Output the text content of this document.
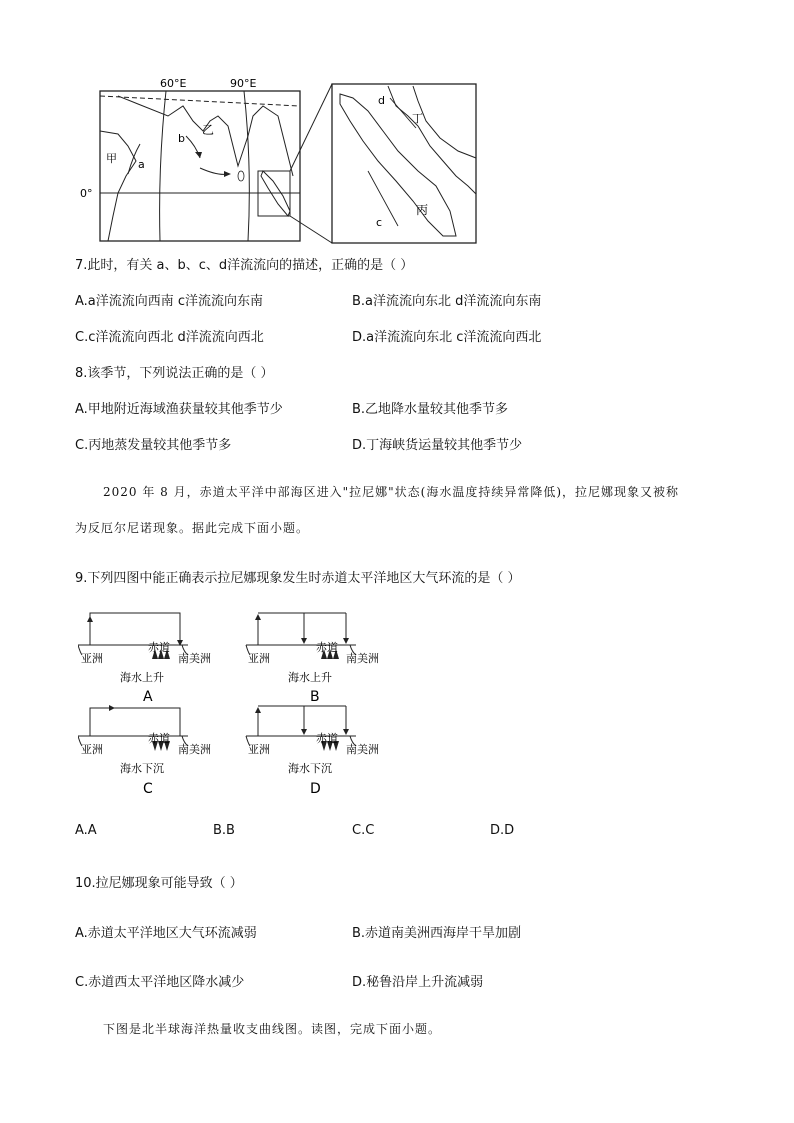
60°E	90°E
0°
甲 a
b
乙
d
丁
c
丙
7.此时，有关 a、b、c、d洋流流向的描述，正确的是（ ）
A.a洋流流向西南 c洋流流向东南	B.a洋流流向东北 d洋流流向东南
C.c洋流流向西北 d洋流流向西北	D.a洋流流向东北 c洋流流向西北
8.该季节，下列说法正确的是（ ）
A.甲地附近海域渔获量较其他季节少	B.乙地降水量较其他季节多
C.丙地蒸发量较其他季节多	D.丁海峡货运量较其他季节少
2020 年 8 月，赤道太平洋中部海区进入"拉尼娜"状态(海水温度持续异常降低)，拉尼娜现象又被称
为反厄尔尼诺现象。据此完成下面小题。
9.下列四图中能正确表示拉尼娜现象发生时赤道太平洋地区大气环流的是（ ）
赤道
亚洲	南美洲
海水上升
A
赤道
亚洲	南美洲
海水上升
B
赤道
亚洲	南美洲
海水下沉
C
赤道
亚洲	南美洲
海水下沉
D
A.A	B.B	C.C	D.D
10.拉尼娜现象可能导致（ ）
A.赤道太平洋地区大气环流减弱	B.赤道南美洲西海岸干旱加剧
C.赤道西太平洋地区降水减少	D.秘鲁沿岸上升流减弱
下图是北半球海洋热量收支曲线图。读图，完成下面小题。
